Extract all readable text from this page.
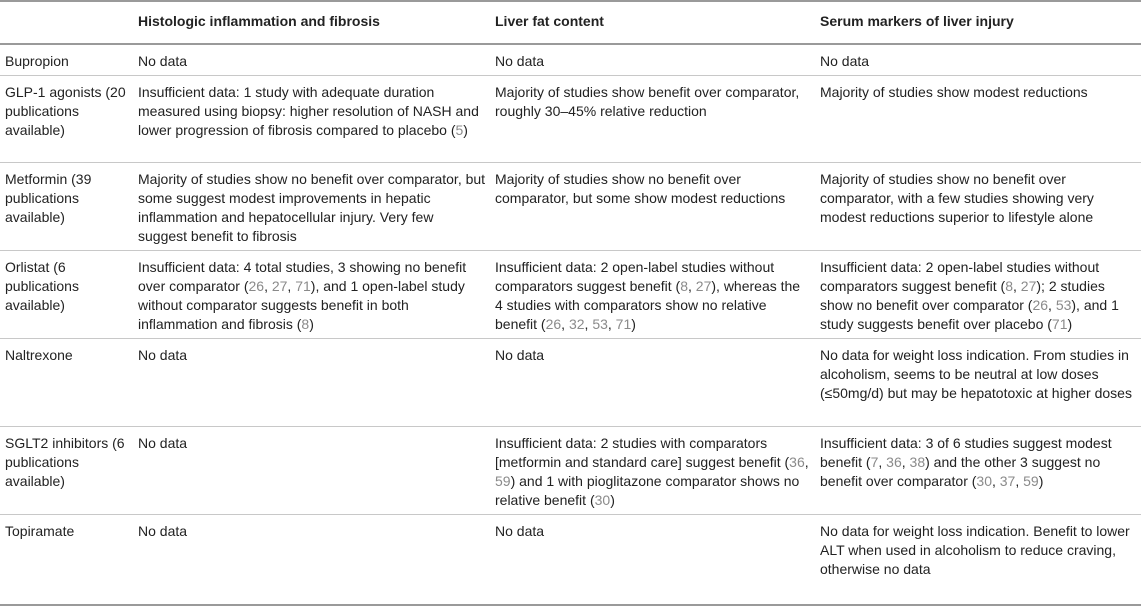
	Histologic inflammation and fibrosis	Liver fat content	Serum markers of liver injury
Bupropion	No data	No data	No data
GLP-1 agonists (20 publications available)	Insufficient data: 1 study with adequate duration measured using biopsy: higher resolution of NASH and lower progression of fibrosis compared to placebo (5)	Majority of studies show benefit over comparator, roughly 30–45% relative reduction	Majority of studies show modest reductions
Metformin (39 publications available)	Majority of studies show no benefit over comparator, but some suggest modest improvements in hepatic inflammation and hepatocellular injury. Very few suggest benefit to fibrosis	Majority of studies show no benefit over comparator, but some show modest reductions	Majority of studies show no benefit over comparator, with a few studies showing very modest reductions superior to lifestyle alone
Orlistat (6 publications available)	Insufficient data: 4 total studies, 3 showing no benefit over comparator (26, 27, 71), and 1 open-label study without comparator suggests benefit in both inflammation and fibrosis (8)	Insufficient data: 2 open-label studies without comparators suggest benefit (8, 27), whereas the 4 studies with comparators show no relative benefit (26, 32, 53, 71)	Insufficient data: 2 open-label studies without comparators suggest benefit (8, 27); 2 studies show no benefit over comparator (26, 53), and 1 study suggests benefit over placebo (71)
Naltrexone	No data	No data	No data for weight loss indication. From studies in alcoholism, seems to be neutral at low doses (≤50mg/d) but may be hepatotoxic at higher doses
SGLT2 inhibitors (6 publications available)	No data	Insufficient data: 2 studies with comparators [metformin and standard care] suggest benefit (36, 59) and 1 with pioglitazone comparator shows no relative benefit (30)	Insufficient data: 3 of 6 studies suggest modest benefit (7, 36, 38) and the other 3 suggest no benefit over comparator (30, 37, 59)
Topiramate	No data	No data	No data for weight loss indication. Benefit to lower ALT when used in alcoholism to reduce craving, otherwise no data
